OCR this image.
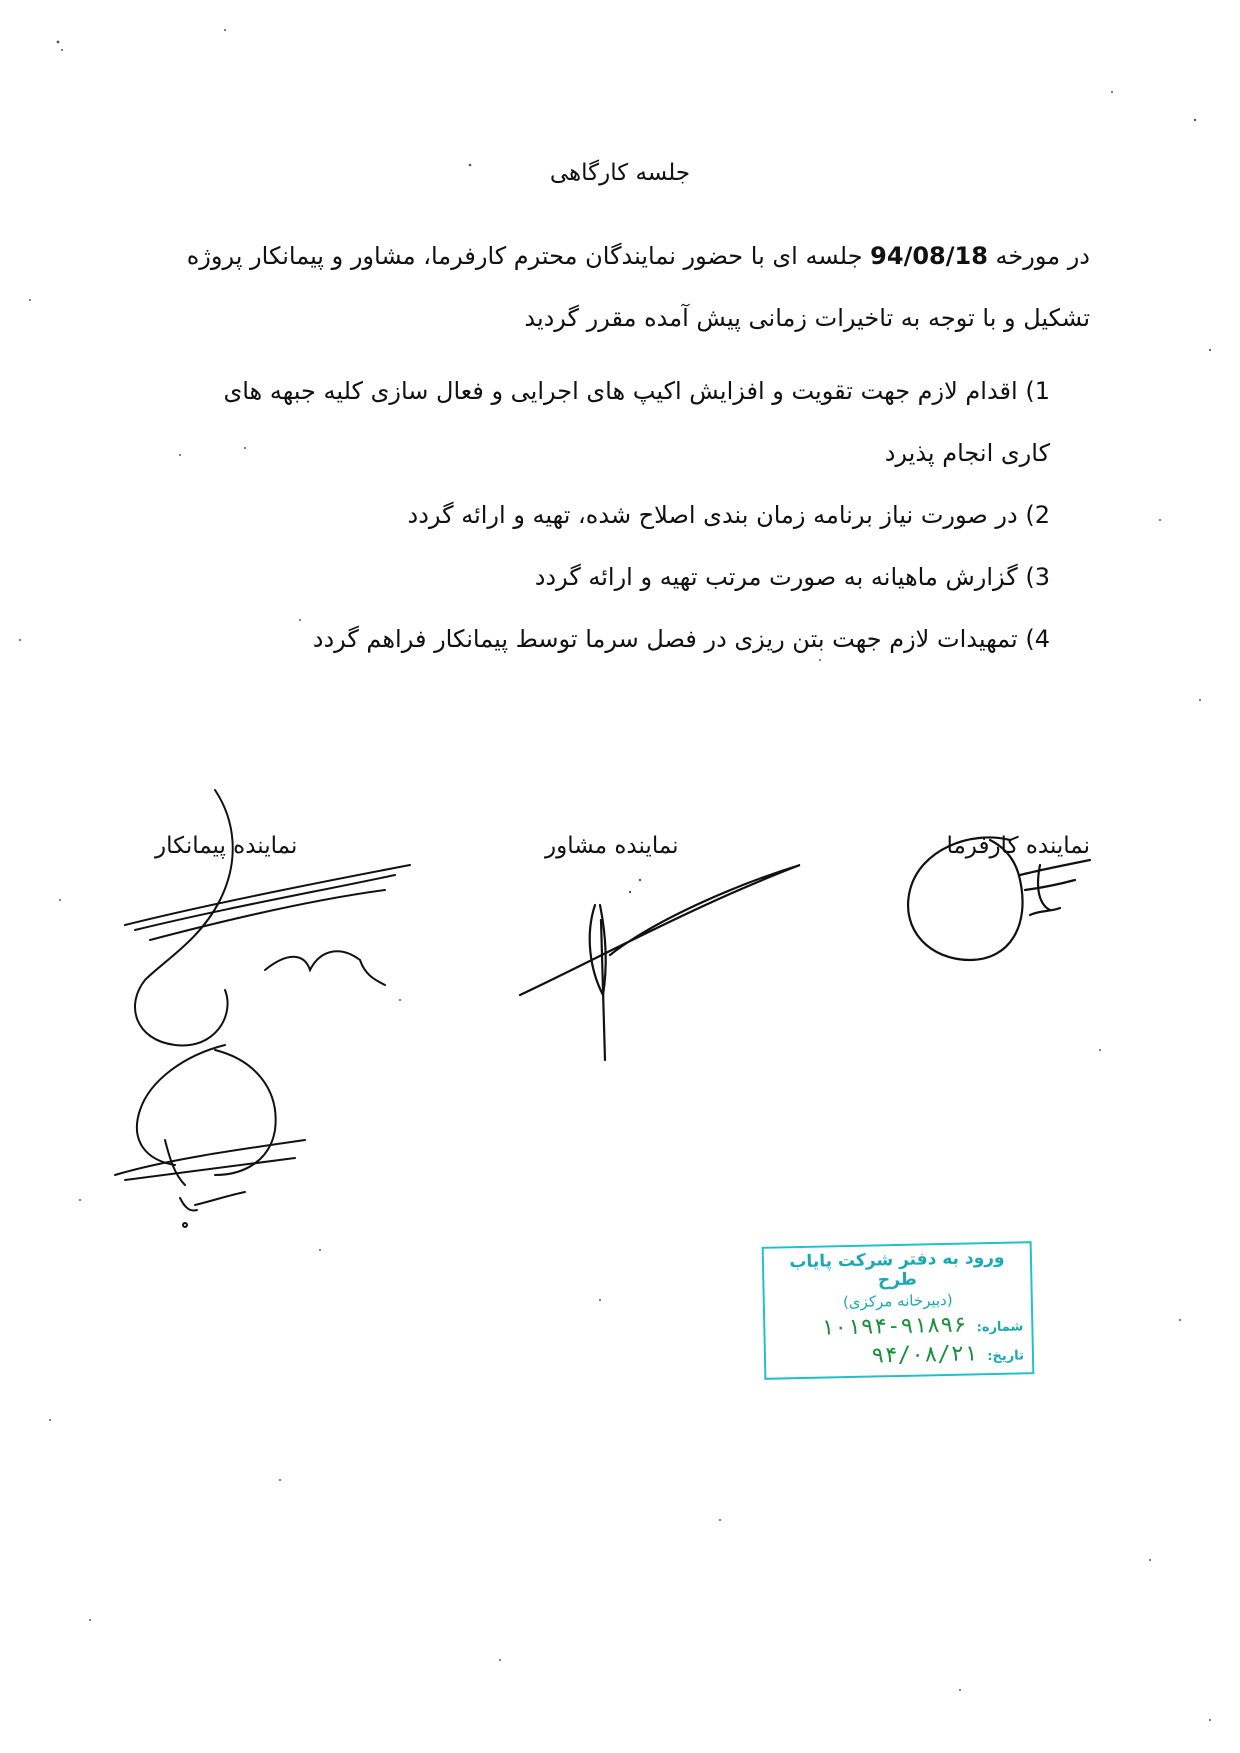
جلسه کارگاهی
در مورخه 94/08/18 جلسه ای با حضور نمایندگان محترم کارفرما، مشاور و پیمانکار پروژه تشکیل و با توجه به تاخیرات زمانی پیش آمده مقرر گردید
1) اقدام لازم جهت تقویت و افزایش اکیپ های اجرایی و فعال سازی کلیه جبهه های کاری انجام پذیرد
2) در صورت نیاز برنامه زمان بندی اصلاح شده، تهیه و ارائه گردد
3) گزارش ماهیانه به صورت مرتب تهیه و ارائه گردد
4) تمهیدات لازم جهت بتن ریزی در فصل سرما توسط پیمانکار فراهم گردد
نماینده کارفرما
نماینده مشاور
نماینده پیمانکار
ورود به دفتر شرکت پایاب طرح
(دبیرخانه مرکزی)
شماره:
۱۰۱۹۴-۹۱۸۹۶
تاریخ:
۹۴/۰۸/۲۱
